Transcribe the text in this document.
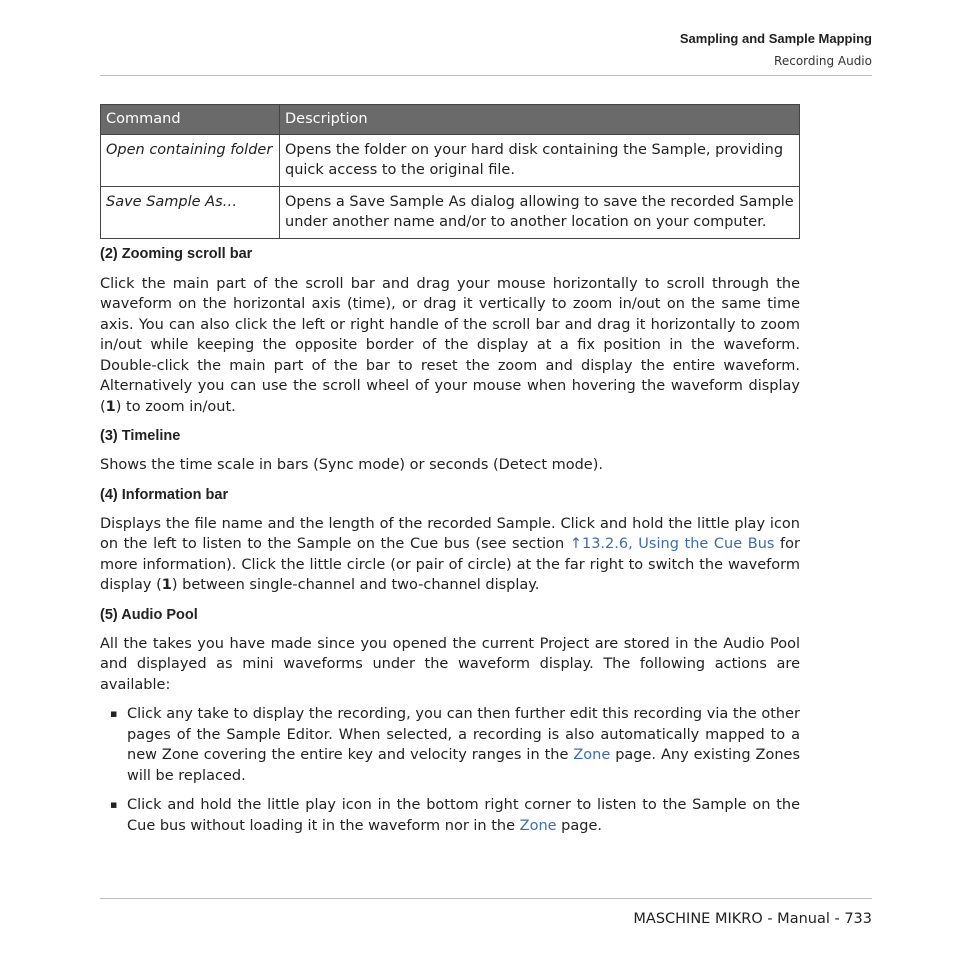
Sampling and Sample Mapping
Recording Audio
Command	Description
Open containing folder	Opens the folder on your hard disk containing the Sample, providing quick access to the original file.
Save Sample As…	Opens a Save Sample As dialog allowing to save the recorded Sample under another name and/or to another location on your computer.
(2) Zooming scroll bar

Click the main part of the scroll bar and drag your mouse horizontally to scroll through the waveform on the horizontal axis (time), or drag it vertically to zoom in/out on the same time axis. You can also click the left or right handle of the scroll bar and drag it horizontally to zoom in/out while keeping the opposite border of the display at a fix position in the waveform. Double-click the main part of the bar to reset the zoom and display the entire waveform. Alternatively you can use the scroll wheel of your mouse when hovering the waveform display (1) to zoom in/out.

(3) Timeline

Shows the time scale in bars (Sync mode) or seconds (Detect mode).

(4) Information bar

Displays the file name and the length of the recorded Sample. Click and hold the little play icon on the left to listen to the Sample on the Cue bus (see section ↑13.2.6, Using the Cue Bus for more information). Click the little circle (or pair of circle) at the far right to switch the waveform display (1) between single-channel and two-channel display.

(5) Audio Pool

All the takes you have made since you opened the current Project are stored in the Audio Pool and displayed as mini waveforms under the waveform display. The following actions are available:

▪ Click any take to display the recording, you can then further edit this recording via the other pages of the Sample Editor. When selected, a recording is also automatically mapped to a new Zone covering the entire key and velocity ranges in the Zone page. Any existing Zones will be replaced.
▪ Click and hold the little play icon in the bottom right corner to listen to the Sample on the Cue bus without loading it in the waveform nor in the Zone page.
MASCHINE MIKRO - Manual - 733
